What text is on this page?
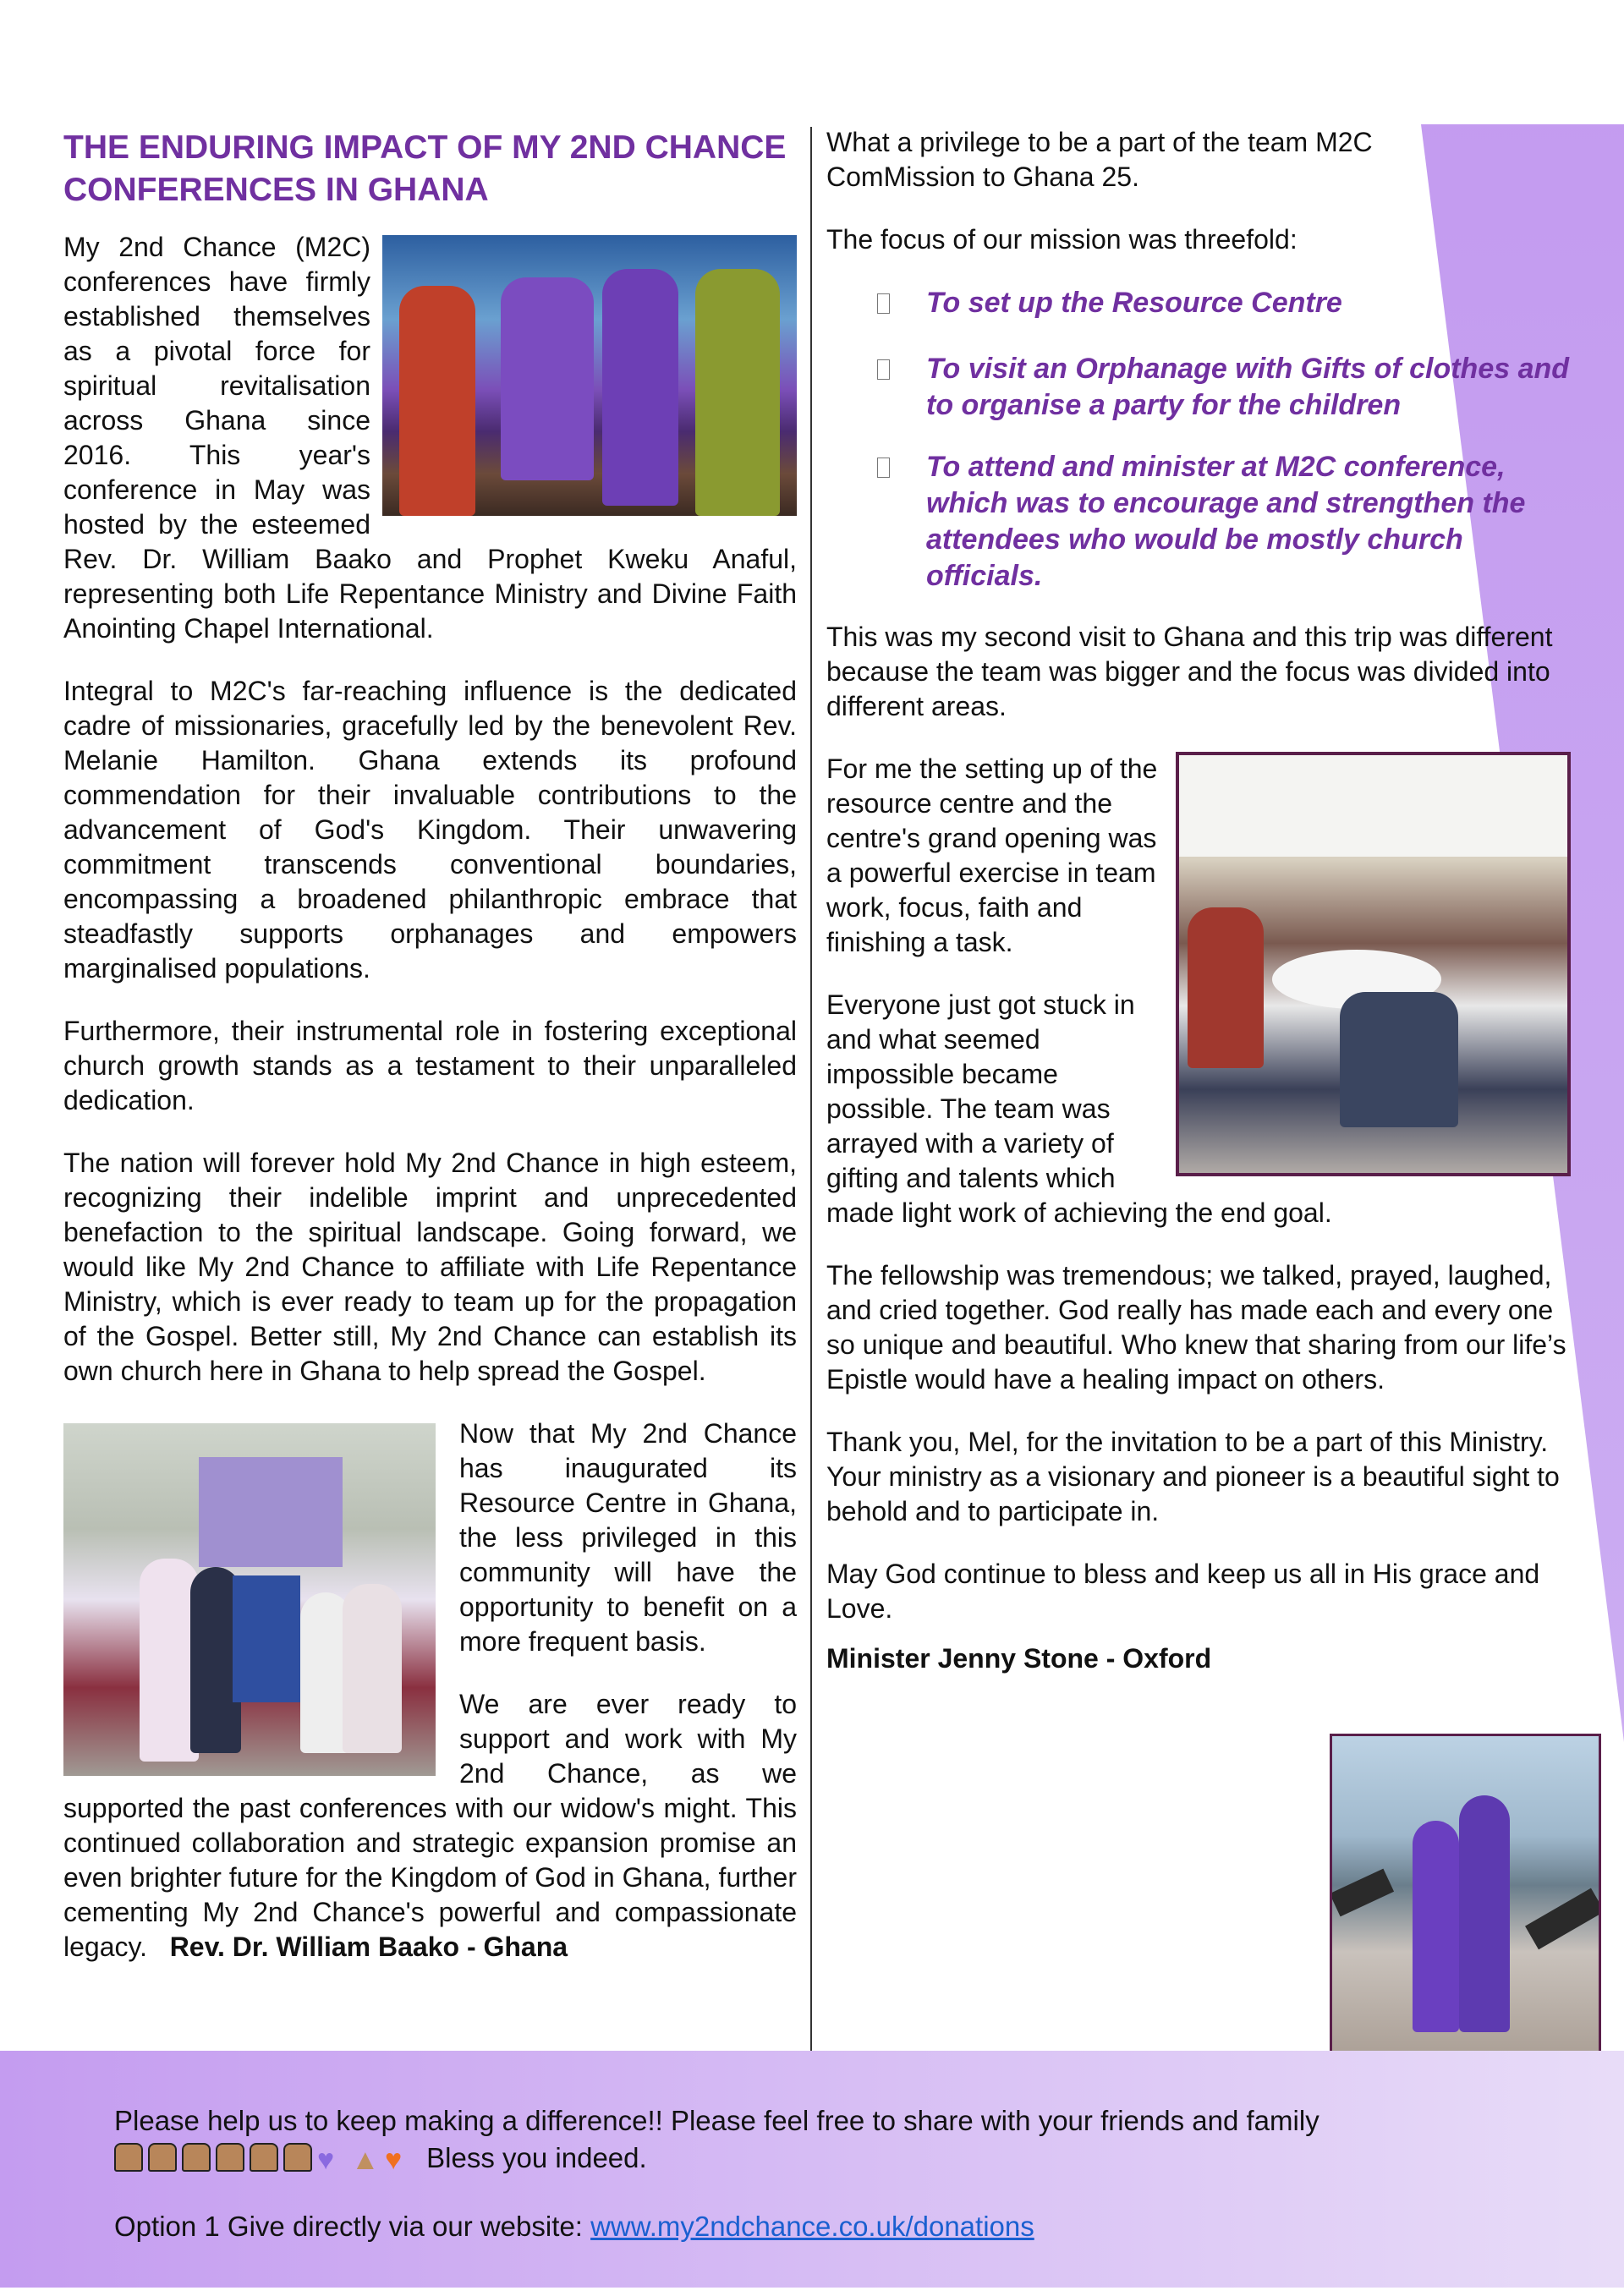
THE ENDURING IMPACT OF MY 2ND CHANCE CONFERENCES IN GHANA

My 2nd Chance (M2C) conferences have firmly established themselves as a pivotal force for spiritual revitalisation across Ghana since 2016. This year's conference in May was hosted by the esteemed Rev. Dr. William Baako and Prophet Kweku Anaful, representing both Life Repentance Ministry and Divine Faith Anointing Chapel International.

Integral to M2C's far-reaching influence is the dedicated cadre of missionaries, gracefully led by the benevolent Rev. Melanie Hamilton. Ghana extends its profound commendation for their invaluable contributions to the advancement of God's Kingdom. Their unwavering commitment transcends conventional boundaries, encompassing a broadened philanthropic embrace that steadfastly supports orphanages and empowers marginalised populations.

Furthermore, their instrumental role in fostering exceptional church growth stands as a testament to their unparalleled dedication.

The nation will forever hold My 2nd Chance in high esteem, recognizing their indelible imprint and unprecedented benefaction to the spiritual landscape. Going forward, we would like My 2nd Chance to affiliate with Life Repentance Ministry, which is ever ready to team up for the propagation of the Gospel. Better still, My 2nd Chance can establish its own church here in Ghana to help spread the Gospel.

Now that My 2nd Chance has inaugurated its Resource Centre in Ghana, the less privileged in this community will have the opportunity to benefit on a more frequent basis.

We are ever ready to support and work with My 2nd Chance, as we supported the past conferences with our widow's might. This continued collaboration and strategic expansion promise an even brighter future for the Kingdom of God in Ghana, further cementing My 2nd Chance's powerful and compassionate legacy. Rev. Dr. William Baako - Ghana

What a privilege to be a part of the team M2C ComMission to Ghana 25.

The focus of our mission was threefold:

To set up the Resource Centre
To visit an Orphanage with Gifts of clothes and to organise a party for the children
To attend and minister at M2C conference, which was to encourage and strengthen the attendees who would be mostly church officials.

This was my second visit to Ghana and this trip was different because the team was bigger and the focus was divided into different areas.

For me the setting up of the resource centre and the centre's grand opening was a powerful exercise in team work, focus, faith and finishing a task.

Everyone just got stuck in and what seemed impossible became possible. The team was arrayed with a variety of gifting and talents which made light work of achieving the end goal.

The fellowship was tremendous; we talked, prayed, laughed, and cried together. God really has made each and every one so unique and beautiful. Who knew that sharing from our life’s Epistle would have a healing impact on others.

Thank you, Mel, for the invitation to be a part of this Ministry. Your ministry as a visionary and pioneer is a beautiful sight to behold and to participate in.

May God continue to bless and keep us all in His grace and Love.

Minister Jenny Stone - Oxford

Please help us to keep making a difference!! Please feel free to share with your friends and family
♥ ▲ ♥ Bless you indeed.
Option 1 Give directly via our website: www.my2ndchance.co.uk/donations
